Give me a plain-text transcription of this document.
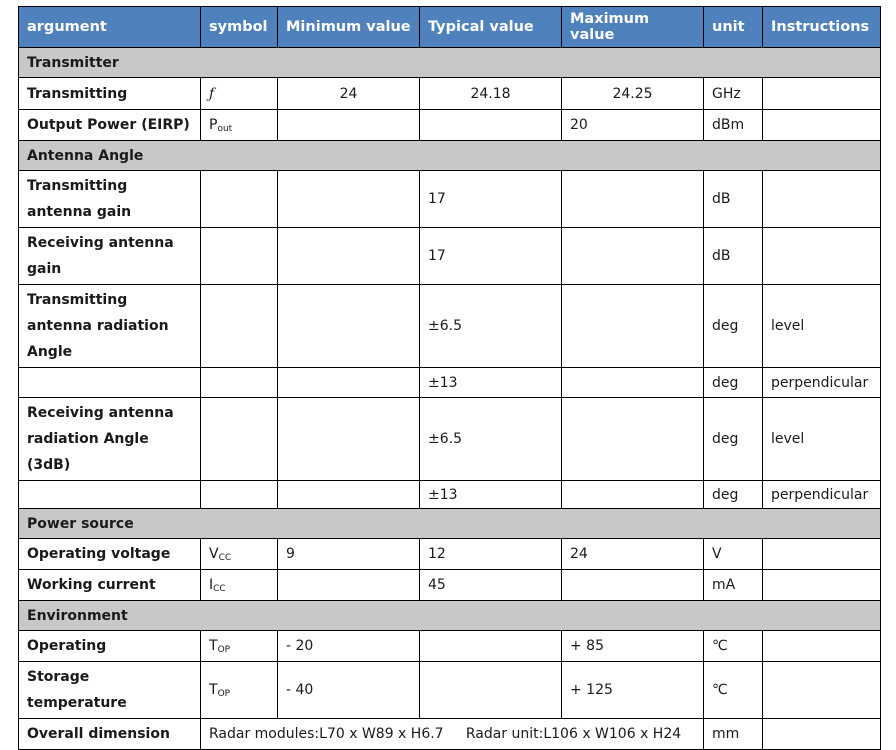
argument	symbol	Minimum value	Typical value	Maximum value	unit	Instructions
Transmitter						
Transmitting	ƒ	24	24.18	24.25	GHz	
Output Power (EIRP)	$P_{out}$			20	dBm	
Antenna Angle						
Transmitting antenna gain			17		dB	
Receiving antenna gain			17		dB	
Transmitting antenna radiation Angle			±6.5		deg	level
			±13		deg	perpendicular
Receiving antenna radiation Angle (3dB)			±6.5		deg	level
			±13		deg	perpendicular
Power source						
Operating voltage	$V_{CC}$	9	12	24	V	
Working current	$I_{CC}$		45		mA	
Environment						
Operating	$T_{OP}$	- 20		+ 85	℃	
Storage temperature	$T_{OP}$	- 40		+ 125	℃	
Overall dimension	Radar modules:L70 x W89 x H6.7     Radar unit:L106 x W106 x H24				mm	
